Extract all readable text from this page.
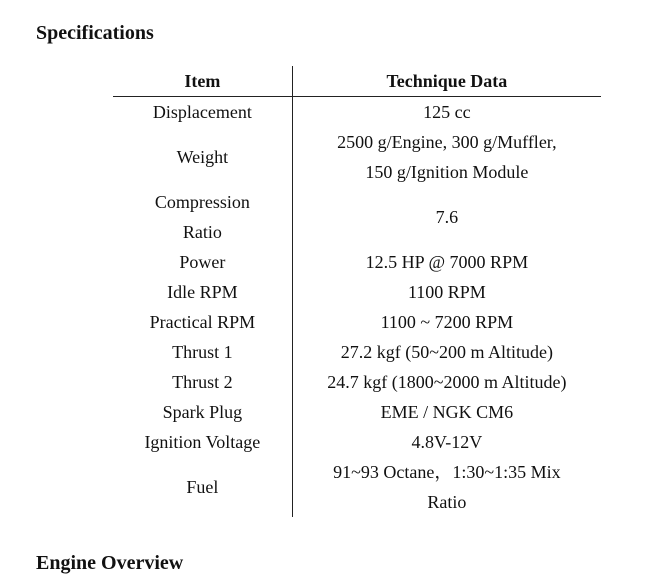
Specifications
Item	Technique Data

Displacement	125 cc

Weight	2500 g/Engine, 300 g/Muffler,
150 g/Ignition Module

Compression
Ratio	7.6

Power	12.5 HP @ 7000 RPM

Idle RPM	1100 RPM

Practical RPM	1100 ~ 7200 RPM

Thrust 1	27.2 kgf (50~200 m Altitude)

Thrust 2	24.7 kgf (1800~2000 m Altitude)

Spark Plug	EME / NGK CM6

Ignition Voltage	4.8V-12V

Fuel	91~93 Octane，1:30~1:35 Mix
Ratio
Engine Overview
